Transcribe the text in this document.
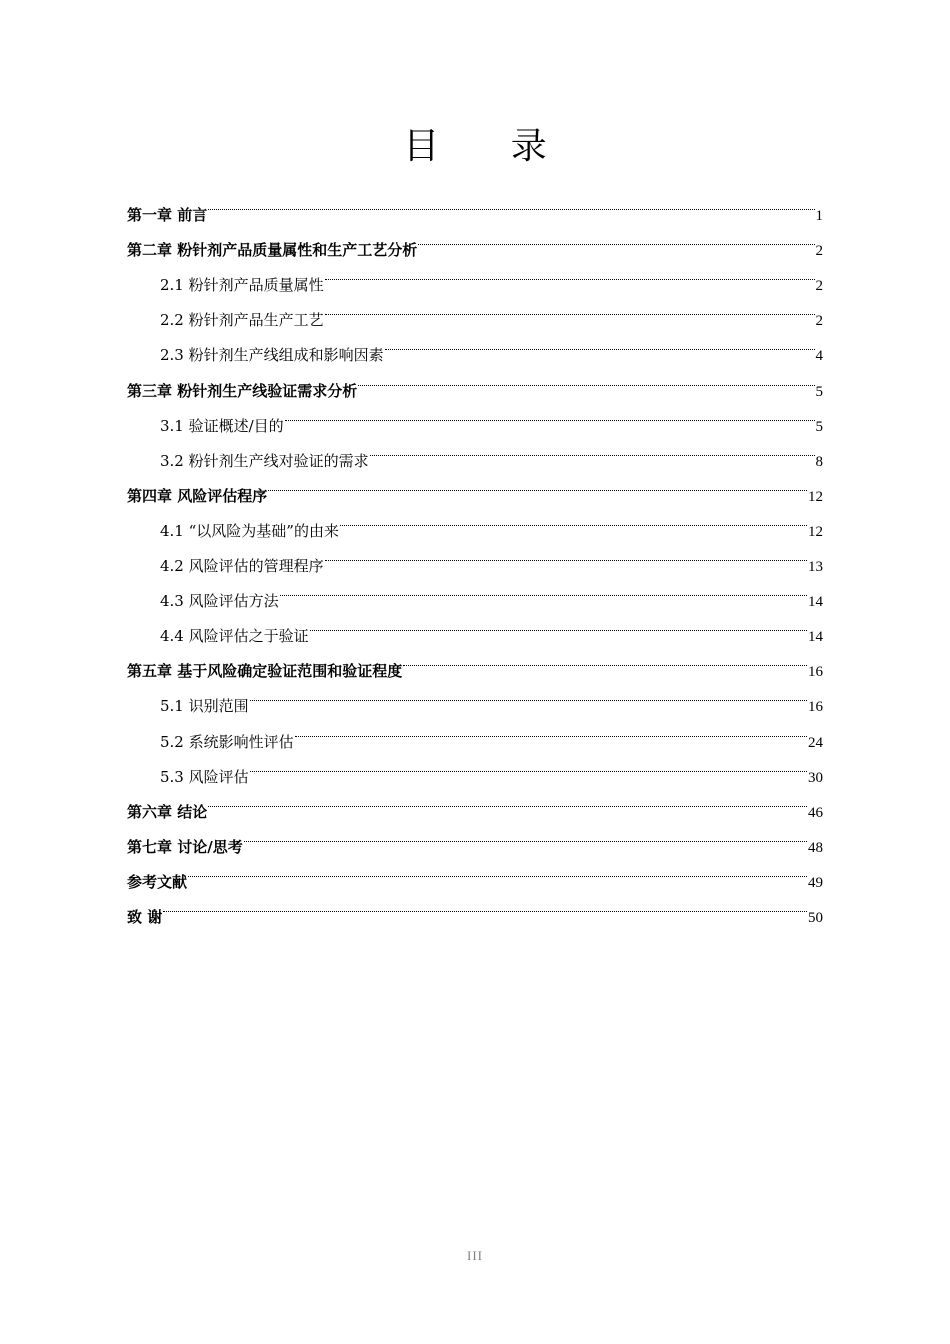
目 录
第一章 前言	1
第二章 粉针剂产品质量属性和生产工艺分析	2
2.1 粉针剂产品质量属性	2
2.2 粉针剂产品生产工艺	2
2.3 粉针剂生产线组成和影响因素	4
第三章 粉针剂生产线验证需求分析	5
3.1 验证概述/目的	5
3.2 粉针剂生产线对验证的需求	8
第四章 风险评估程序	12
4.1 “以风险为基础”的由来	12
4.2 风险评估的管理程序	13
4.3 风险评估方法	14
4.4 风险评估之于验证	14
第五章 基于风险确定验证范围和验证程度	16
5.1 识别范围	16
5.2 系统影响性评估	24
5.3 风险评估	30
第六章 结论	46
第七章 讨论/思考	48
参考文献	49
致 谢	50
III
